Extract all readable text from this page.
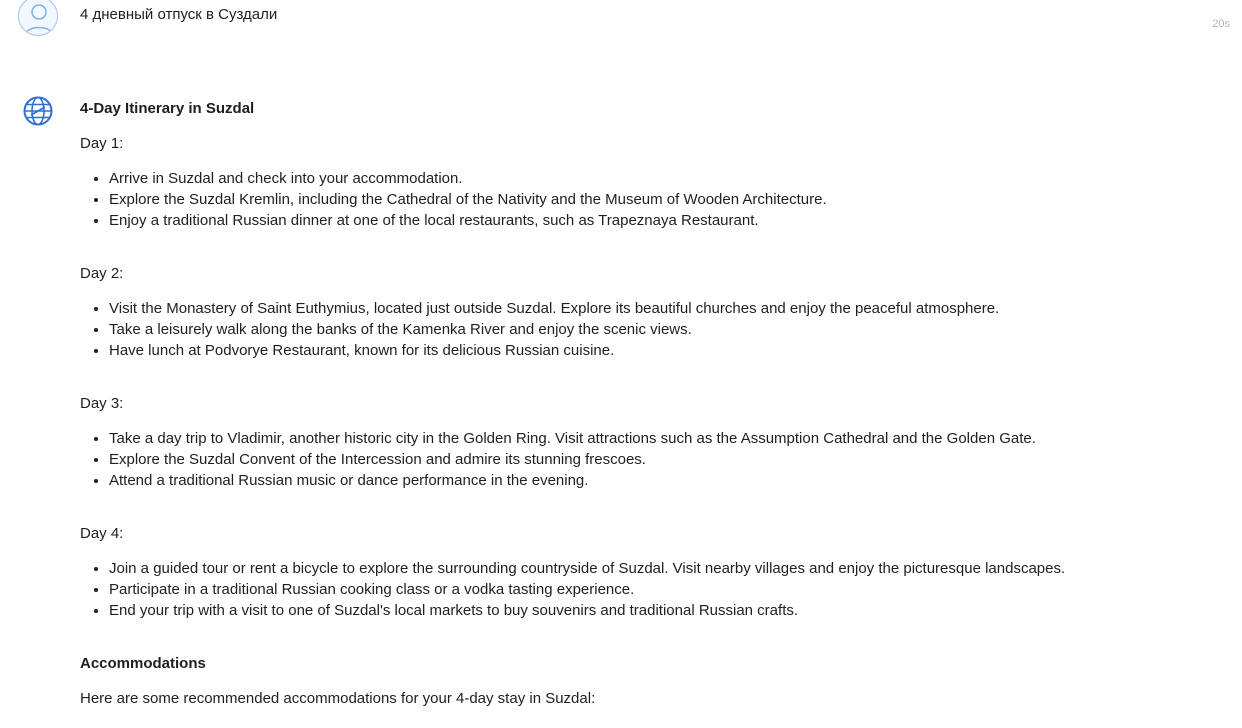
4 дневный отпуск в Суздали
20s
4-Day Itinerary in Suzdal
Day 1:
• Arrive in Suzdal and check into your accommodation.
• Explore the Suzdal Kremlin, including the Cathedral of the Nativity and the Museum of Wooden Architecture.
• Enjoy a traditional Russian dinner at one of the local restaurants, such as Trapeznaya Restaurant.
Day 2:
• Visit the Monastery of Saint Euthymius, located just outside Suzdal. Explore its beautiful churches and enjoy the peaceful atmosphere.
• Take a leisurely walk along the banks of the Kamenka River and enjoy the scenic views.
• Have lunch at Podvorye Restaurant, known for its delicious Russian cuisine.
Day 3:
• Take a day trip to Vladimir, another historic city in the Golden Ring. Visit attractions such as the Assumption Cathedral and the Golden Gate.
• Explore the Suzdal Convent of the Intercession and admire its stunning frescoes.
• Attend a traditional Russian music or dance performance in the evening.
Day 4:
• Join a guided tour or rent a bicycle to explore the surrounding countryside of Suzdal. Visit nearby villages and enjoy the picturesque landscapes.
• Participate in a traditional Russian cooking class or a vodka tasting experience.
• End your trip with a visit to one of Suzdal's local markets to buy souvenirs and traditional Russian crafts.
Accommodations
Here are some recommended accommodations for your 4-day stay in Suzdal:
